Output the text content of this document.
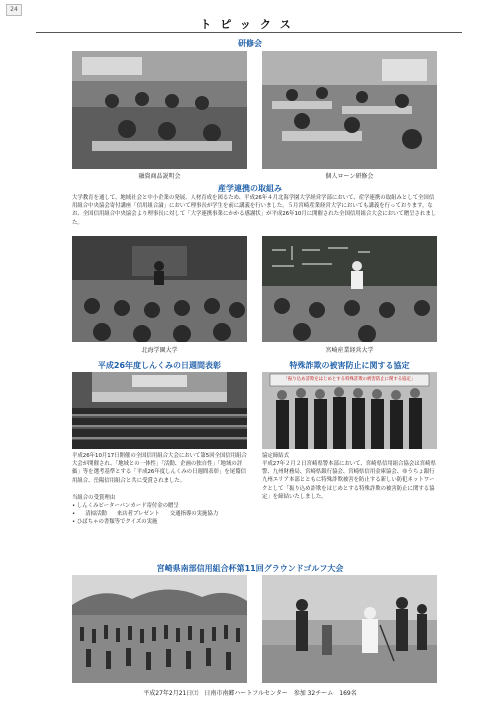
24
トピックス
研修会
融資商品説明会	個人ローン研修会
産学連携の取組み
大学教育を通して、地域社会と中小企業の発展、人材育成を図るため、平成26年４月北海学園大学経営学部において、産学連携の取組みとして全国信用組合中央協会寄付講座「信用組合論」において理事長が学生を前に講義を行いました。５月宮崎産業経営大学においても講義を行っております。なお、全国信用組合中央協会より理事長に対して「大学連携事業にかかる感謝状」が平成26年10月に開催された全国信用組合大会において贈呈されました。
北海学園大学	宮崎産業経営大学
平成26年度しんくみの日週間表彰
平成26年10月17日開催の全国信用組合大会において第5回全国信用組合大会が開催され、「地域との一体性」「活動、企画の独自性」「地域の評価」等を選考基準とする「平成26年度しんくみの日週間表彰」を尾鷲信用組合、岳陽信用組合と共に受賞されました。
当組合の受賞理由
• しんくみピーターパンカード寄付金の贈呈
• 清掃活動 来店者プレゼント 交通指導の実施協力
• ひばちゃの書類等でクイズの実施
特殊詐欺の被害防止に関する協定
「振り込め詐欺をはじめとする特殊詐欺の被害防止に関する協定」
協定締結式
平成27年２月２日宮崎県警本部において、宮崎県信用組合協会は宮崎県警、九州財務局、宮崎県銀行協会、宮崎県信用金庫協会、ゆうちょ銀行九州エリア本部とともに特殊詐欺被害を防止する新しい防犯ネットワークとして「振り込め詐欺をはじめとする特殊詐欺の被害防止に関する協定」を締結いたしました。
宮崎県南部信用組合杯第11回グラウンドゴルフ大会
平成27年2月21日㈯　日南市南郷ハートフルセンター　参加 32チーム　169名
